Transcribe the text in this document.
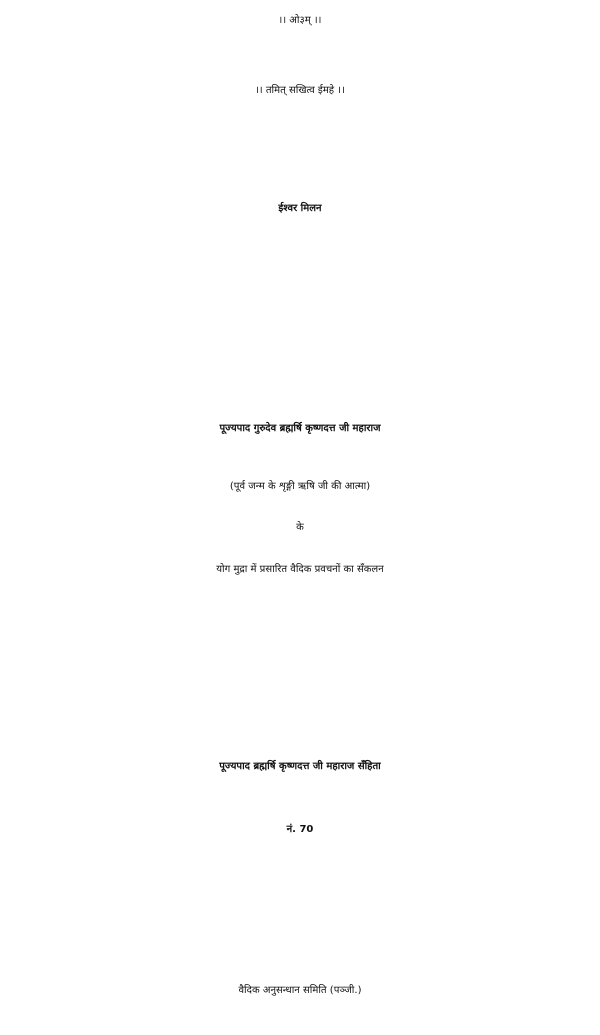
।। ओ३म् ।।
।। तमित् सखित्व ईमहे ।।
ईश्वर मिलन
पूज्यपाद गुरुदेव ब्रह्मर्षि कृष्णदत्त जी महाराज
(पूर्व जन्म के शृङ्गी ऋषि जी की आत्मा)
के
योग मुद्रा में प्रसारित वैदिक प्रवचनों का सँकलन
पूज्यपाद ब्रह्मर्षि कृष्णदत्त जी महाराज सँहिता
नं. 70
वैदिक अनुसन्धान समिति (पञ्जी.)
